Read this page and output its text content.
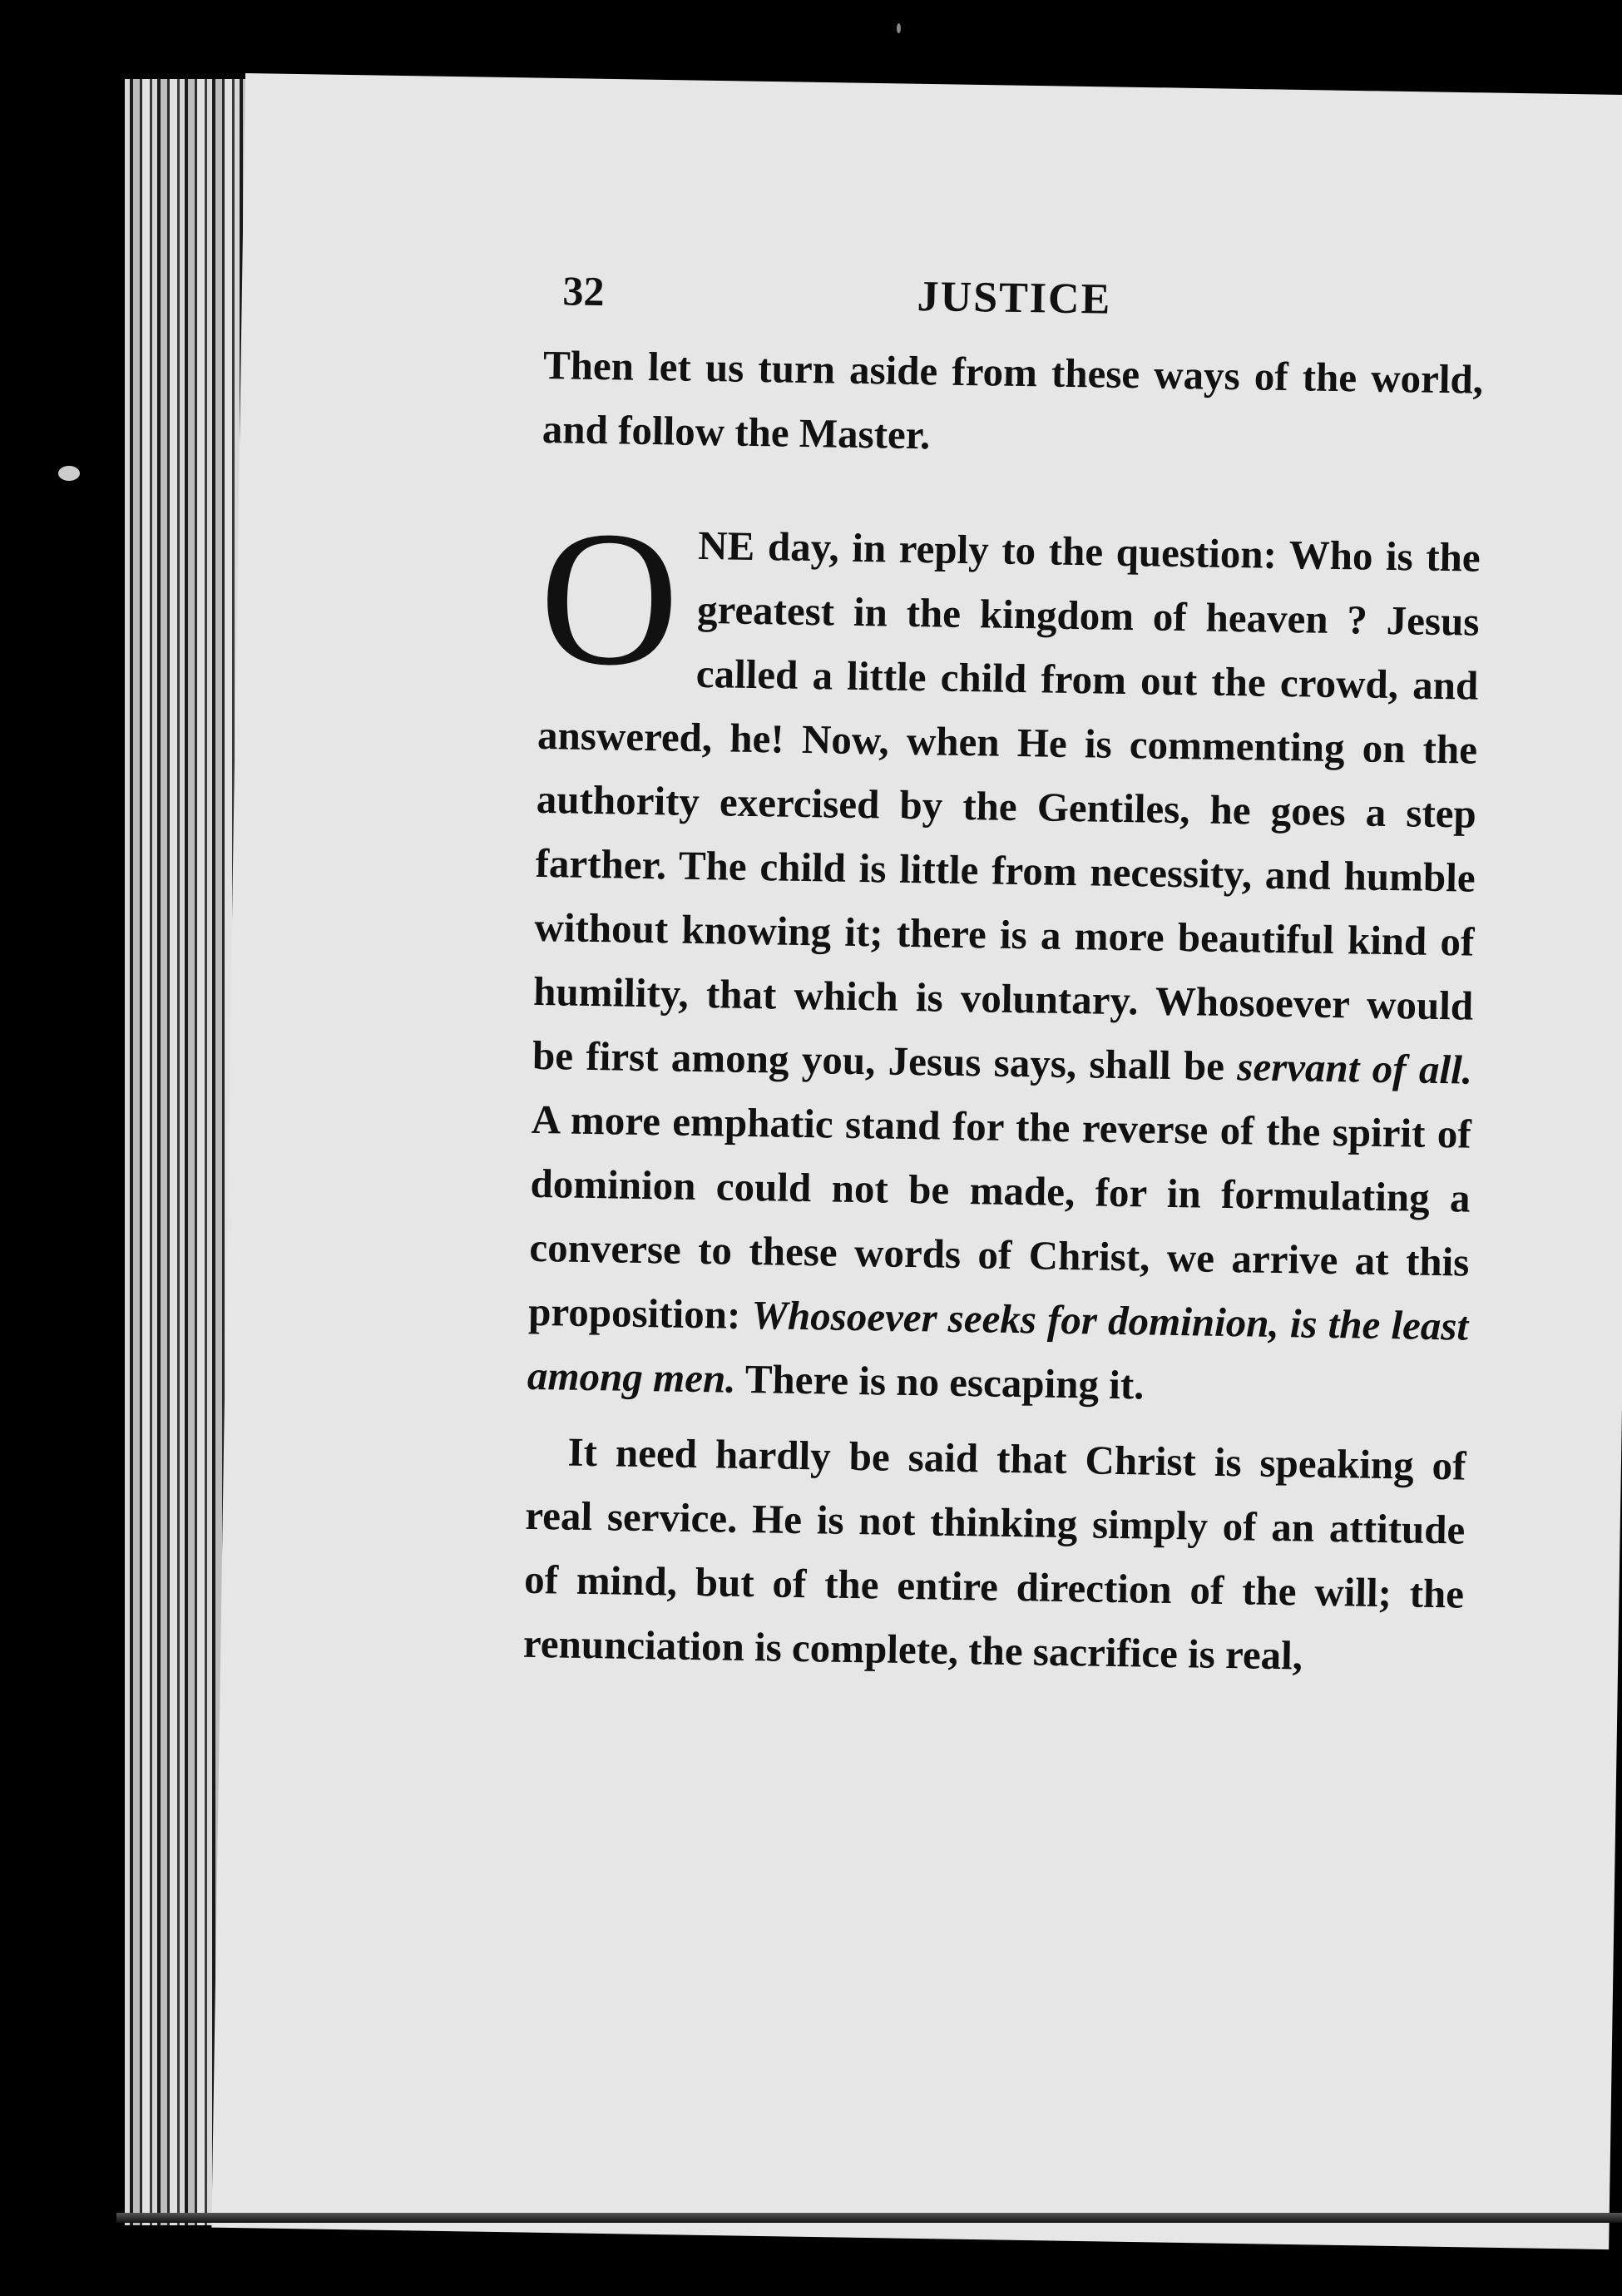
32	JUSTICE

Then let us turn aside from these ways of the world, and follow the Master.

O NE day, in reply to the question: Who is the greatest in the kingdom of heaven ? Jesus called a little child from out the crowd, and answered, he! Now, when He is commenting on the authority exercised by the Gentiles, he goes a step farther. The child is little from necessity, and humble without knowing it; there is a more beautiful kind of humility, that which is voluntary. Whosoever would be first among you, Jesus says, shall be servant of all. A more emphatic stand for the reverse of the spirit of dominion could not be made, for in formulating a converse to these words of Christ, we arrive at this proposition: Whosoever seeks for dominion, is the least among men. There is no escaping it.

It need hardly be said that Christ is speaking of real service. He is not thinking simply of an attitude of mind, but of the entire direction of the will; the renunciation is complete, the sacrifice is real,
